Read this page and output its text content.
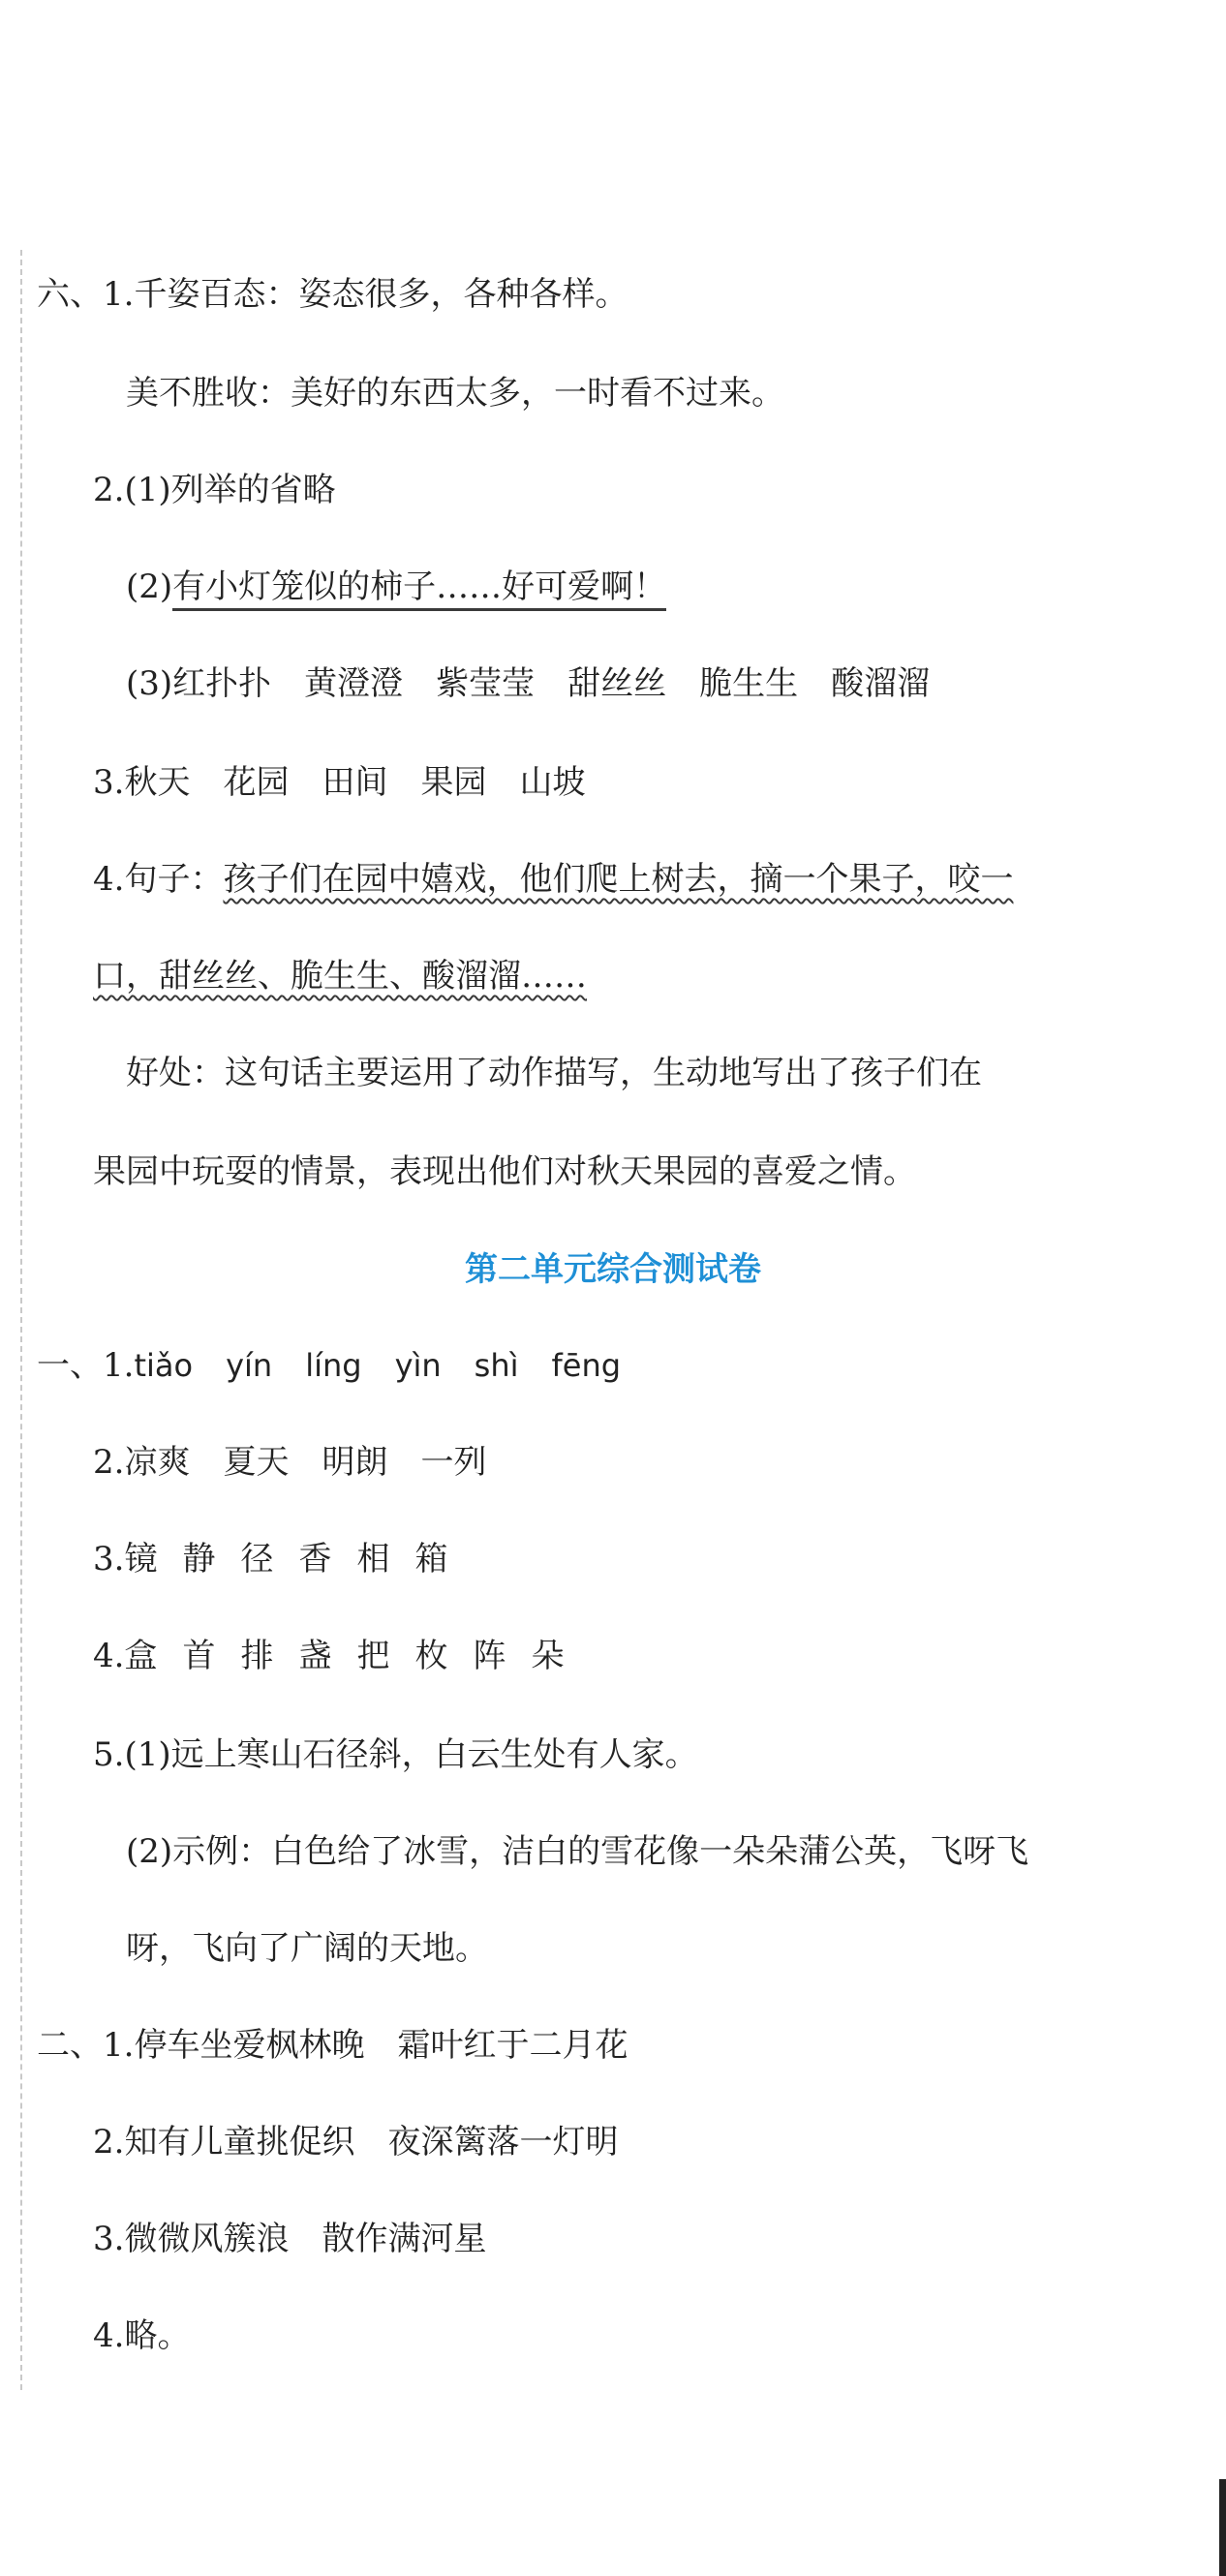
六、1.千姿百态：姿态很多，各种各样。
美不胜收：美好的东西太多，一时看不过来。
2.(1)列举的省略
(2)有小灯笼似的柿子……好可爱啊！
(3)红扑扑 黄澄澄 紫莹莹 甜丝丝 脆生生 酸溜溜
3.秋天 花园 田间 果园 山坡
4.句子：孩子们在园中嬉戏，他们爬上树去，摘一个果子，咬一
口，甜丝丝、脆生生、酸溜溜……
好处：这句话主要运用了动作描写，生动地写出了孩子们在
果园中玩耍的情景，表现出他们对秋天果园的喜爱之情。
第二单元综合测试卷
一、1.tiǎo yín líng yìn shì fēng
2.凉爽 夏天 明朗 一列
3.镜 静 径 香 相 箱
4.盒 首 排 盏 把 枚 阵 朵
5.(1)远上寒山石径斜，白云生处有人家。
(2)示例：白色给了冰雪，洁白的雪花像一朵朵蒲公英，飞呀飞
呀，飞向了广阔的天地。
二、1.停车坐爱枫林晚 霜叶红于二月花
2.知有儿童挑促织 夜深篱落一灯明
3.微微风簇浪 散作满河星
4.略。
